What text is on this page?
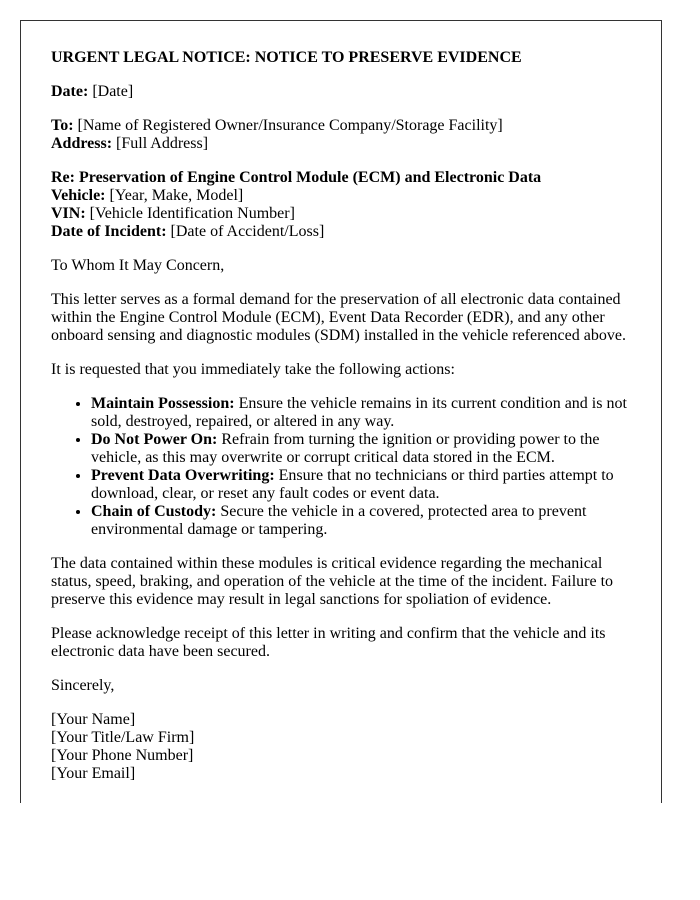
URGENT LEGAL NOTICE: NOTICE TO PRESERVE EVIDENCE

Date: [Date]

To: [Name of Registered Owner/Insurance Company/Storage Facility]
Address: [Full Address]

Re: Preservation of Engine Control Module (ECM) and Electronic Data
Vehicle: [Year, Make, Model]
VIN: [Vehicle Identification Number]
Date of Incident: [Date of Accident/Loss]

To Whom It May Concern,

This letter serves as a formal demand for the preservation of all electronic data contained within the Engine Control Module (ECM), Event Data Recorder (EDR), and any other onboard sensing and diagnostic modules (SDM) installed in the vehicle referenced above.

It is requested that you immediately take the following actions:

• Maintain Possession: Ensure the vehicle remains in its current condition and is not sold, destroyed, repaired, or altered in any way.
• Do Not Power On: Refrain from turning the ignition or providing power to the vehicle, as this may overwrite or corrupt critical data stored in the ECM.
• Prevent Data Overwriting: Ensure that no technicians or third parties attempt to download, clear, or reset any fault codes or event data.
• Chain of Custody: Secure the vehicle in a covered, protected area to prevent environmental damage or tampering.

The data contained within these modules is critical evidence regarding the mechanical status, speed, braking, and operation of the vehicle at the time of the incident. Failure to preserve this evidence may result in legal sanctions for spoliation of evidence.

Please acknowledge receipt of this letter in writing and confirm that the vehicle and its electronic data have been secured.

Sincerely,

[Your Name]
[Your Title/Law Firm]
[Your Phone Number]
[Your Email]
